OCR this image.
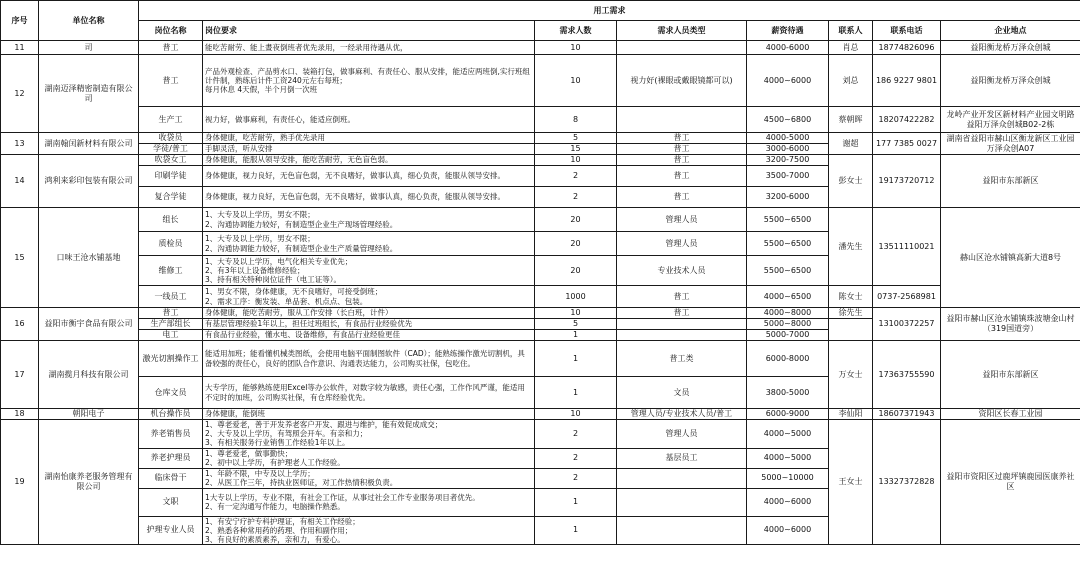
序号	单位名称	用工需求							
		岗位名称	岗位要求	需求人数	需求人员类型	薪资待遇	联系人	联系电话	企业地点
11	司	普工	能吃苦耐劳、能上晝夜倒班者优先录用，一经录用待遇从优，	10		4000-6000	肖总	18774826096	益阳衡龙桥万泽众创城
12	湖南迈泽精密制造有限公司	普工	产品外观检查、产品剪水口、装箱打包，做事麻利、有责任心、服从安排，能适应两班倒,实行班组计件制，熟练后计件工资240元左右每班；
每月休息 4天假，半个月倒一次班	10	视力好(裸眼或戴眼镜都可以)	4000~6000	刘总	186 9227 9801	益阳衡龙桥万泽众创城
		生产工	视力好，做事麻利，有责任心，能适应倒班。	8		4500~6800	蔡朝晖	18207422282	龙岭产业开发区新材料产业园文明路益阳万泽众创城B02-2栋
13	湖南翰闰新材料有限公司	收袋员	身体健康，吃苦耐劳，熟手优先录用	5	普工	4000-5000	谢超	177 7385 0027	湖南省益阳市赫山区衡龙新区工业园万泽众创A07
		学徒/普工	手脚灵活，听从安排	15	普工	3000-6000			
14	鸿利来彩印包装有限公司	吹袋女工	身体健康，能服从领导安排，能吃苦耐劳，无色盲色弱。	10	普工	3200-7500	彭女士	19173720712	益阳市东部新区
		印刷学徒	身体健康，视力良好，无色盲色弱，无不良嗜好，做事认真，细心负责，能服从领导安排。	2	普工	3500-7000			
		复合学徒	身体健康，视力良好，无色盲色弱，无不良嗜好，做事认真，细心负责，能服从领导安排。	2	普工	3200-6000			
15	口味王沧水铺基地	组长	1、大专及以上学历，男女不限；
2、沟通协调能力较好，有制造型企业生产现场管理经验。	20	管理人员	5500~6500	潘先生	13511110021	赫山区沧水铺镇高新大道8号
		质检员	1、大专及以上学历，男女不限；
2、沟通协调能力较好，有制造型企业生产质量管理经验。	20	管理人员	5500~6500			
		维修工	1、大专及以上学历，电气化相关专业优先；
2、有3年以上设备维修经验；
3、持有相关特种岗位证件（电工证等）。	20	专业技术人员	5500~6500			
		一线员工	1、男女不限，身体健康，无不良嗜好，可接受倒班；
2、需求工序：衡发装、单品套、机点点、包装。	1000	普工	4000~6500	陈女士	0737-2568981	
16	益阳市衡宇食品有限公司	普工	身体健康，能吃苦耐劳，服从工作安排（长白班，计件）	10	普工	4000~8000	徐先生	13100372257	益阳市赫山区沧水铺镇珠波塘金山村（319国道旁）
		生产部组长	有基层管理经验1年以上，担任过班组长，有食品行业经验优先	5		5000~8000			
		电工	有食品行业经验，懂水电、设备维修，有食品行业经验更佳	1		5000-7000			
17	湖南揽月科技有限公司	激光切割操作工	能适用加班；能看懂机械类图纸，会使用电脑平面制图软件（CAD）；能熟练操作激光切割机，具备较强的责任心，良好的团队合作意识、沟通表达能力，公司购买社保，包吃住。	1	普工类	6000-8000	万女士	17363755590	益阳市东部新区
		仓库文员	大专学历，能够熟练使用Excel等办公软件，对数字较为敏感，责任心强，工作作风严谨，能适用不定时的加班，公司购买社保，有仓库经验优先。	1	文员	3800-5000			
18	朝阳电子	机台操作员	身体健康，能倒班	10	管理人员/专业技术人员/普工	6000-9000	李仙阳	18607371943	资阳区长春工业园
19	湖南怡康养老服务管理有限公司	养老销售员	1、尊老爱老，善于开发养老客户开发、跟进与维护，能有效促成成交；
2、大专及以上学历，有驾照会开车。有亲和力；
3、有相关服务行业销售工作经验1年以上。	2	管理人员	4000~5000	王女士	13327372828	益阳市资阳区过鹿坪镇鹿园医康养社区
		养老护理员	1、尊老爱老，做事勤快；
2、初中以上学历，有护理老人工作经验。	2	基层员工	4000~5000			
		临床骨干	1、年龄不限，中专及以上学历；
2、从医工作三年，持执业医师证，对工作热情积极负责。	2		5000~10000			
		文职	1大专以上学历，专业不限，有社会工作证，从事过社会工作专业服务项目者优先。
2、有一定沟通写作能力，电脑操作熟悉。	1		4000~6000			
		护理专业人员	1、有安宁疗护专科护理证，有相关工作经验；
2、熟悉各种常用药的药理、作用和副作用；
3、有良好的素质素养，亲和力，有爱心。	1		4000~6000			
